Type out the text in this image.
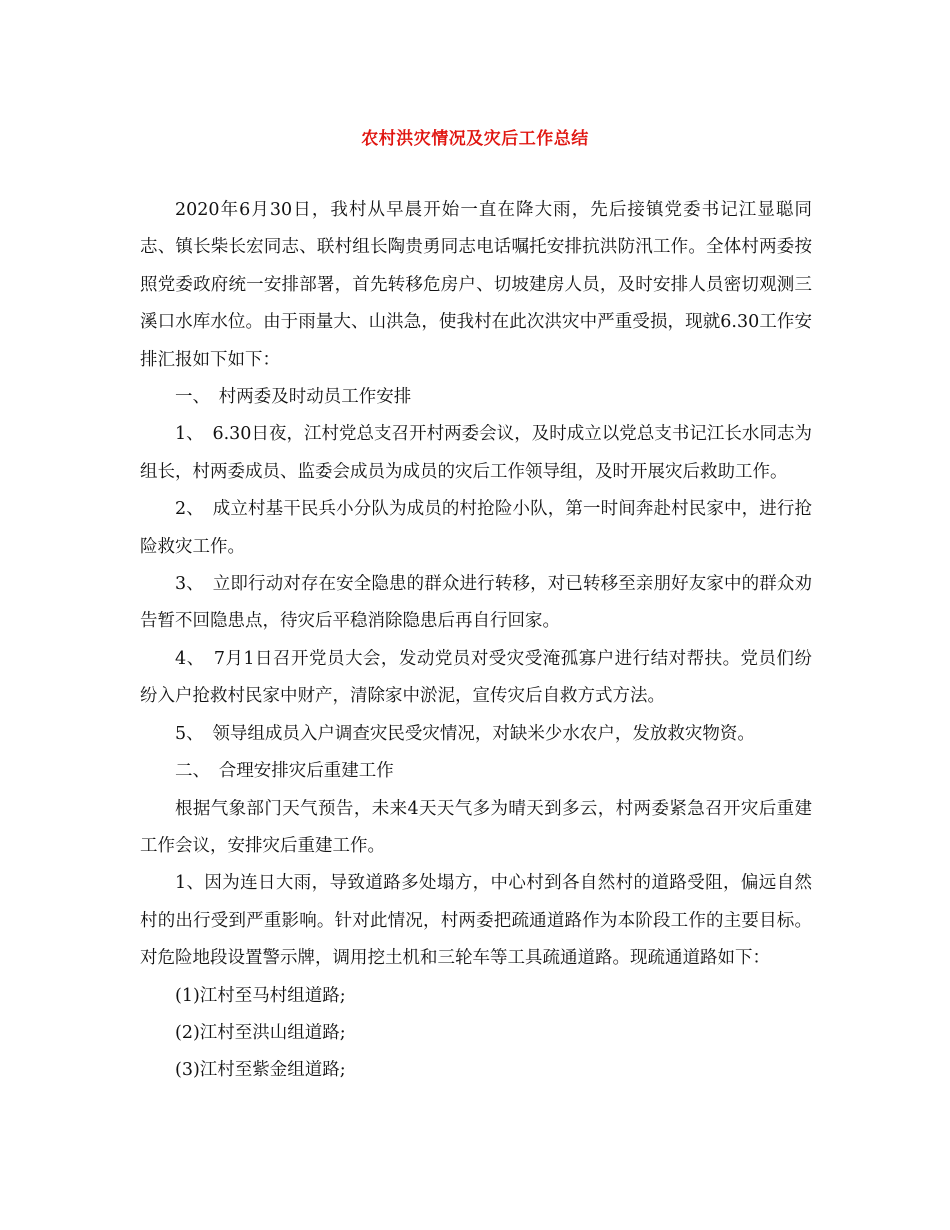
农村洪灾情况及灾后工作总结

2020年6月30日，我村从早晨开始一直在降大雨，先后接镇党委书记江显聪同志、镇长柴长宏同志、联村组长陶贵勇同志电话嘱托安排抗洪防汛工作。全体村两委按照党委政府统一安排部署，首先转移危房户、切坡建房人员，及时安排人员密切观测三溪口水库水位。由于雨量大、山洪急，使我村在此次洪灾中严重受损，现就6.30工作安排汇报如下如下：

一、　村两委及时动员工作安排

1、　6.30日夜，江村党总支召开村两委会议，及时成立以党总支书记江长水同志为组长，村两委成员、监委会成员为成员的灾后工作领导组，及时开展灾后救助工作。

2、　成立村基干民兵小分队为成员的村抢险小队，第一时间奔赴村民家中，进行抢险救灾工作。

3、　立即行动对存在安全隐患的群众进行转移，对已转移至亲朋好友家中的群众劝告暂不回隐患点，待灾后平稳消除隐患后再自行回家。

4、　7月1日召开党员大会，发动党员对受灾受淹孤寡户进行结对帮扶。党员们纷纷入户抢救村民家中财产，清除家中淤泥，宣传灾后自救方式方法。

5、　领导组成员入户调查灾民受灾情况，对缺米少水农户，发放救灾物资。

二、　合理安排灾后重建工作

根据气象部门天气预告，未来4天天气多为晴天到多云，村两委紧急召开灾后重建工作会议，安排灾后重建工作。

1、因为连日大雨，导致道路多处塌方，中心村到各自然村的道路受阻，偏远自然村的出行受到严重影响。针对此情况，村两委把疏通道路作为本阶段工作的主要目标。对危险地段设置警示牌，调用挖土机和三轮车等工具疏通道路。现疏通道路如下：

(1)江村至马村组道路;

(2)江村至洪山组道路;

(3)江村至紫金组道路;
